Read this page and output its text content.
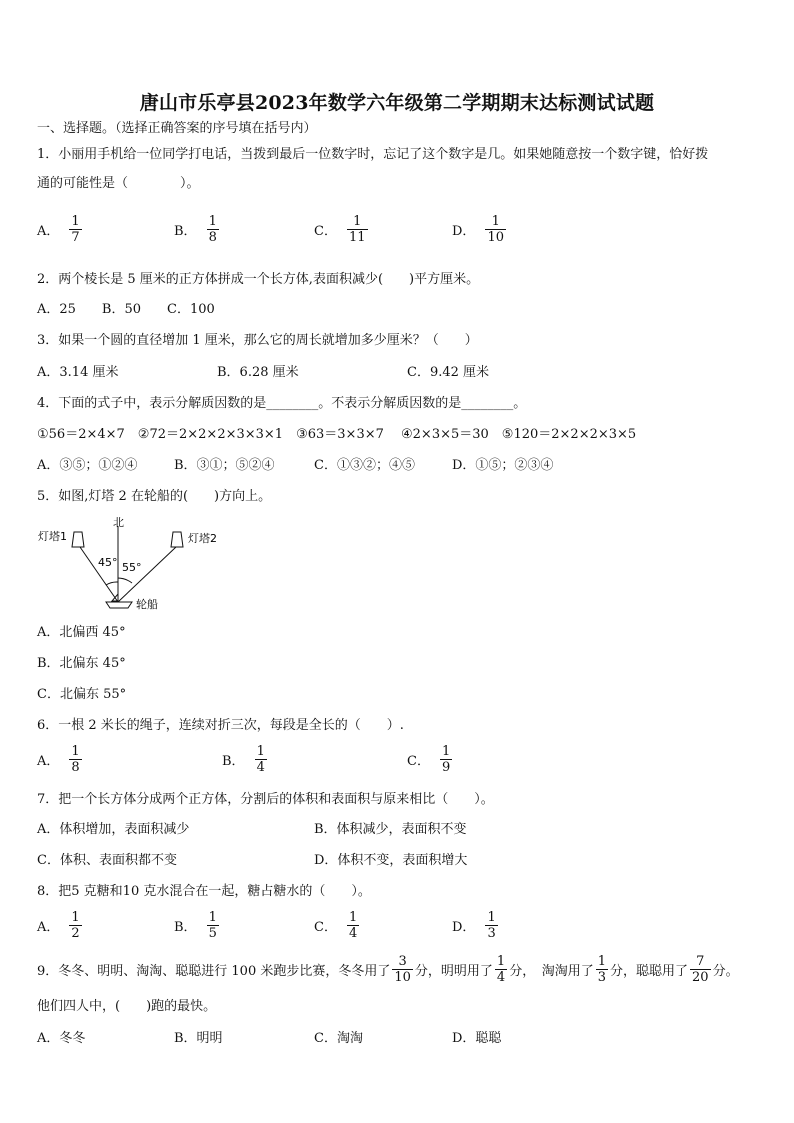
唐山市乐亭县2023年数学六年级第二学期期末达标测试试题
一、选择题。（选择正确答案的序号填在括号内）
1．小丽用手机给一位同学打电话，当拨到最后一位数字时，忘记了这个数字是几。如果她随意按一个数字键，恰好拨
通的可能性是（　　　　）。
A． $\frac{1}{7}$	B． $\frac{1}{8}$	C． $\frac{1}{11}$	D． $\frac{1}{10}$
2．两个棱长是 5 厘米的正方体拼成一个长方体,表面积减少(　　)平方厘米。
A．25　　B．50　　C．100
3．如果一个圆的直径增加 1 厘米，那么它的周长就增加多少厘米？（　　）
A．3.14 厘米	B．6.28 厘米	C．9.42 厘米
4．下面的式子中，表示分解质因数的是________。不表示分解质因数的是________。
①56＝2×4×7　②72＝2×2×2×3×3×1　③63＝3×3×7　 ④2×3×5＝30　⑤120＝2×2×2×3×5
A．③⑤；①②④	B．③①；⑤②④	C．①③②；④⑤	D．①⑤；②③④
5．如图,灯塔 2 在轮船的(　　)方向上。
北
灯塔1	灯塔2
45° 55°
轮船
A．北偏西 45°
B．北偏东 45°
C．北偏东 55°
6．一根 2 米长的绳子，连续对折三次，每段是全长的（　　）.
A． $\frac{1}{8}$	B． $\frac{1}{4}$	C． $\frac{1}{9}$
7．把一个长方体分成两个正方体，分割后的体积和表面积与原来相比（　　）。
A．体积增加，表面积减少	B．体积减少，表面积不变
C．体积、表面积都不变	D．体积不变，表面积增大
8．把5 克糖和10 克水混合在一起，糖占糖水的（　　）。
A． $\frac{1}{2}$	B． $\frac{1}{5}$	C． $\frac{1}{4}$	D． $\frac{1}{3}$
9．冬冬、明明、淘淘、聪聪进行 100 米跑步比赛，冬冬用了 $\frac{3}{10}$ 分，明明用了 $\frac{1}{4}$ 分，　淘淘用了 $\frac{1}{3}$ 分，聪聪用了 $\frac{7}{20}$ 分。
他们四人中，(　　)跑的最快。
A．冬冬	B．明明	C．淘淘	D．聪聪
